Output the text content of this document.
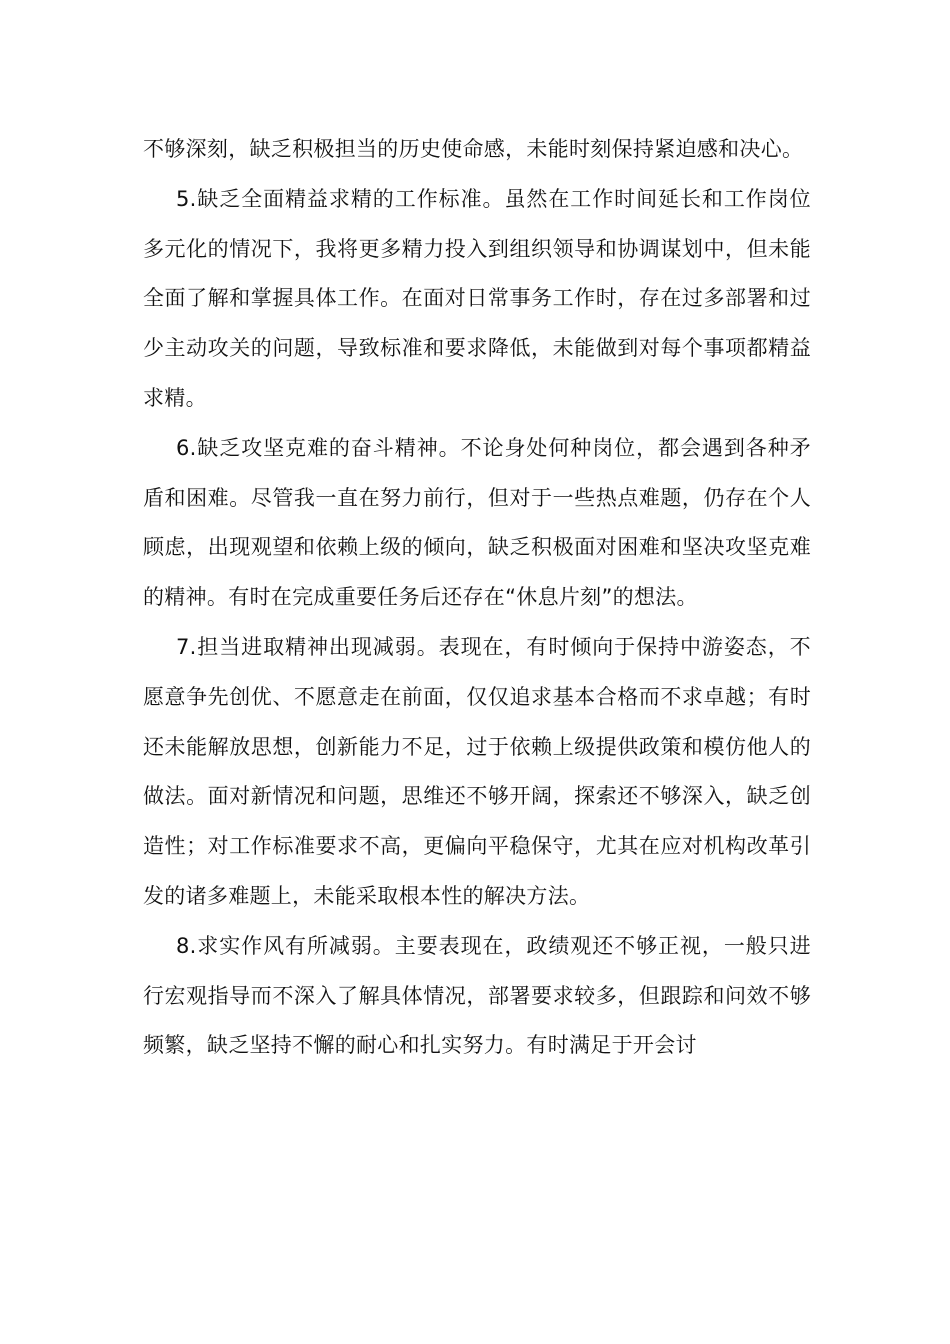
不够深刻，缺乏积极担当的历史使命感，未能时刻保持紧迫感和决心。

5.缺乏全面精益求精的工作标准。虽然在工作时间延长和工作岗位多元化的情况下，我将更多精力投入到组织领导和协调谋划中，但未能全面了解和掌握具体工作。在面对日常事务工作时，存在过多部署和过少主动攻关的问题，导致标准和要求降低，未能做到对每个事项都精益求精。

6.缺乏攻坚克难的奋斗精神。不论身处何种岗位，都会遇到各种矛盾和困难。尽管我一直在努力前行，但对于一些热点难题，仍存在个人顾虑，出现观望和依赖上级的倾向，缺乏积极面对困难和坚决攻坚克难的精神。有时在完成重要任务后还存在“休息片刻”的想法。

7.担当进取精神出现减弱。表现在，有时倾向于保持中游姿态，不愿意争先创优、不愿意走在前面，仅仅追求基本合格而不求卓越；有时还未能解放思想，创新能力不足，过于依赖上级提供政策和模仿他人的做法。面对新情况和问题，思维还不够开阔，探索还不够深入，缺乏创造性；对工作标准要求不高，更偏向平稳保守，尤其在应对机构改革引发的诸多难题上，未能采取根本性的解决方法。

8.求实作风有所减弱。主要表现在，政绩观还不够正视，一般只进行宏观指导而不深入了解具体情况，部署要求较多，但跟踪和问效不够频繁，缺乏坚持不懈的耐心和扎实努力。有时满足于开会讨
